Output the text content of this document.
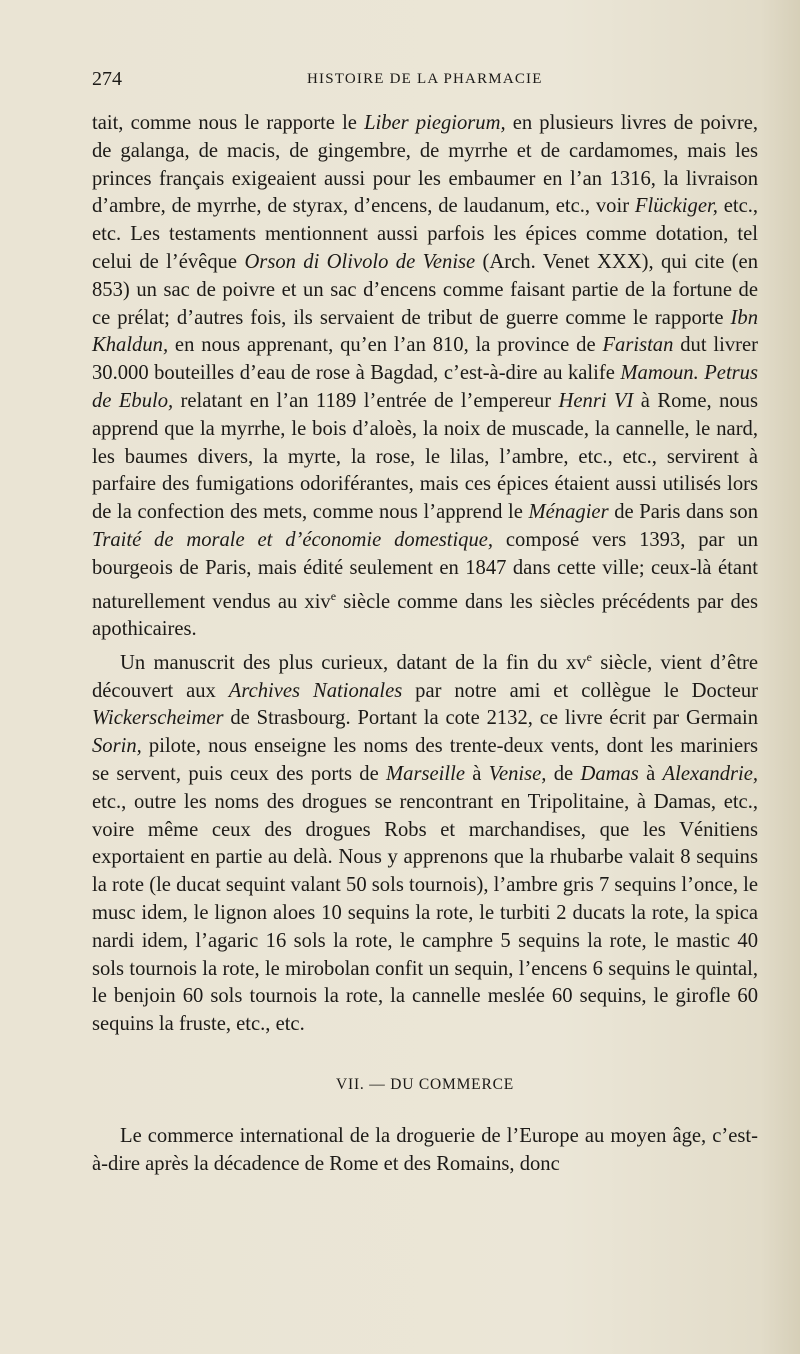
274	HISTOIRE DE LA PHARMACIE

tait, comme nous le rapporte le Liber piegiorum, en plusieurs livres de poivre, de galanga, de macis, de gingembre, de myrrhe et de cardamomes, mais les princes français exigeaient aussi pour les embaumer en l’an 1316, la livraison d’ambre, de myrrhe, de styrax, d’encens, de laudanum, etc., voir Flückiger, etc., etc. Les testaments mentionnent aussi parfois les épices comme dotation, tel celui de l’évêque Orson di Olivolo de Venise (Arch. Venet XXX), qui cite (en 853) un sac de poivre et un sac d’encens comme faisant partie de la fortune de ce prélat; d’autres fois, ils servaient de tribut de guerre comme le rapporte Ibn Khaldun, en nous apprenant, qu’en l’an 810, la province de Faristan dut livrer 30.000 bouteilles d’eau de rose à Bagdad, c’est-à-dire au kalife Mamoun. Petrus de Ebulo, relatant en l’an 1189 l’entrée de l’empereur Henri VI à Rome, nous apprend que la myrrhe, le bois d’aloès, la noix de muscade, la cannelle, le nard, les baumes divers, la myrte, la rose, le lilas, l’ambre, etc., etc., servirent à parfaire des fumigations odoriférantes, mais ces épices étaient aussi utilisés lors de la confection des mets, comme nous l’apprend le Ménagier de Paris dans son Traité de morale et d’économie domestique, composé vers 1393, par un bourgeois de Paris, mais édité seulement en 1847 dans cette ville; ceux-là étant naturellement vendus au xiv$^e$ siècle comme dans les siècles précédents par des apothicaires.

Un manuscrit des plus curieux, datant de la fin du $xv^e$ siècle, vient d’être découvert aux Archives Nationales par notre ami et collègue le Docteur Wickerscheimer de Strasbourg. Portant la cote 2132, ce livre écrit par Germain Sorin, pilote, nous enseigne les noms des trente-deux vents, dont les mariniers se servent, puis ceux des ports de Marseille à Venise, de Damas à Alexandrie, etc., outre les noms des drogues se rencontrant en Tripolitaine, à Damas, etc., voire même ceux des drogues Robs et marchandises, que les Vénitiens exportaient en partie au delà. Nous y apprenons que la rhubarbe valait 8 sequins la rote (le ducat sequint valant 50 sols tournois), l’ambre gris 7 sequins l’once, le musc idem, le lignon aloes 10 sequins la rote, le turbiti 2 ducats la rote, la spica nardi idem, l’agaric 16 sols la rote, le camphre 5 sequins la rote, le mastic 40 sols tournois la rote, le mirobolan confit un sequin, l’encens 6 sequins le quintal, le benjoin 60 sols tournois la rote, la cannelle meslée 60 sequins, le girofle 60 sequins la fruste, etc., etc.

VII. — DU COMMERCE

Le commerce international de la droguerie de l’Europe au moyen âge, c’est-à-dire après la décadence de Rome et des Romains, donc
